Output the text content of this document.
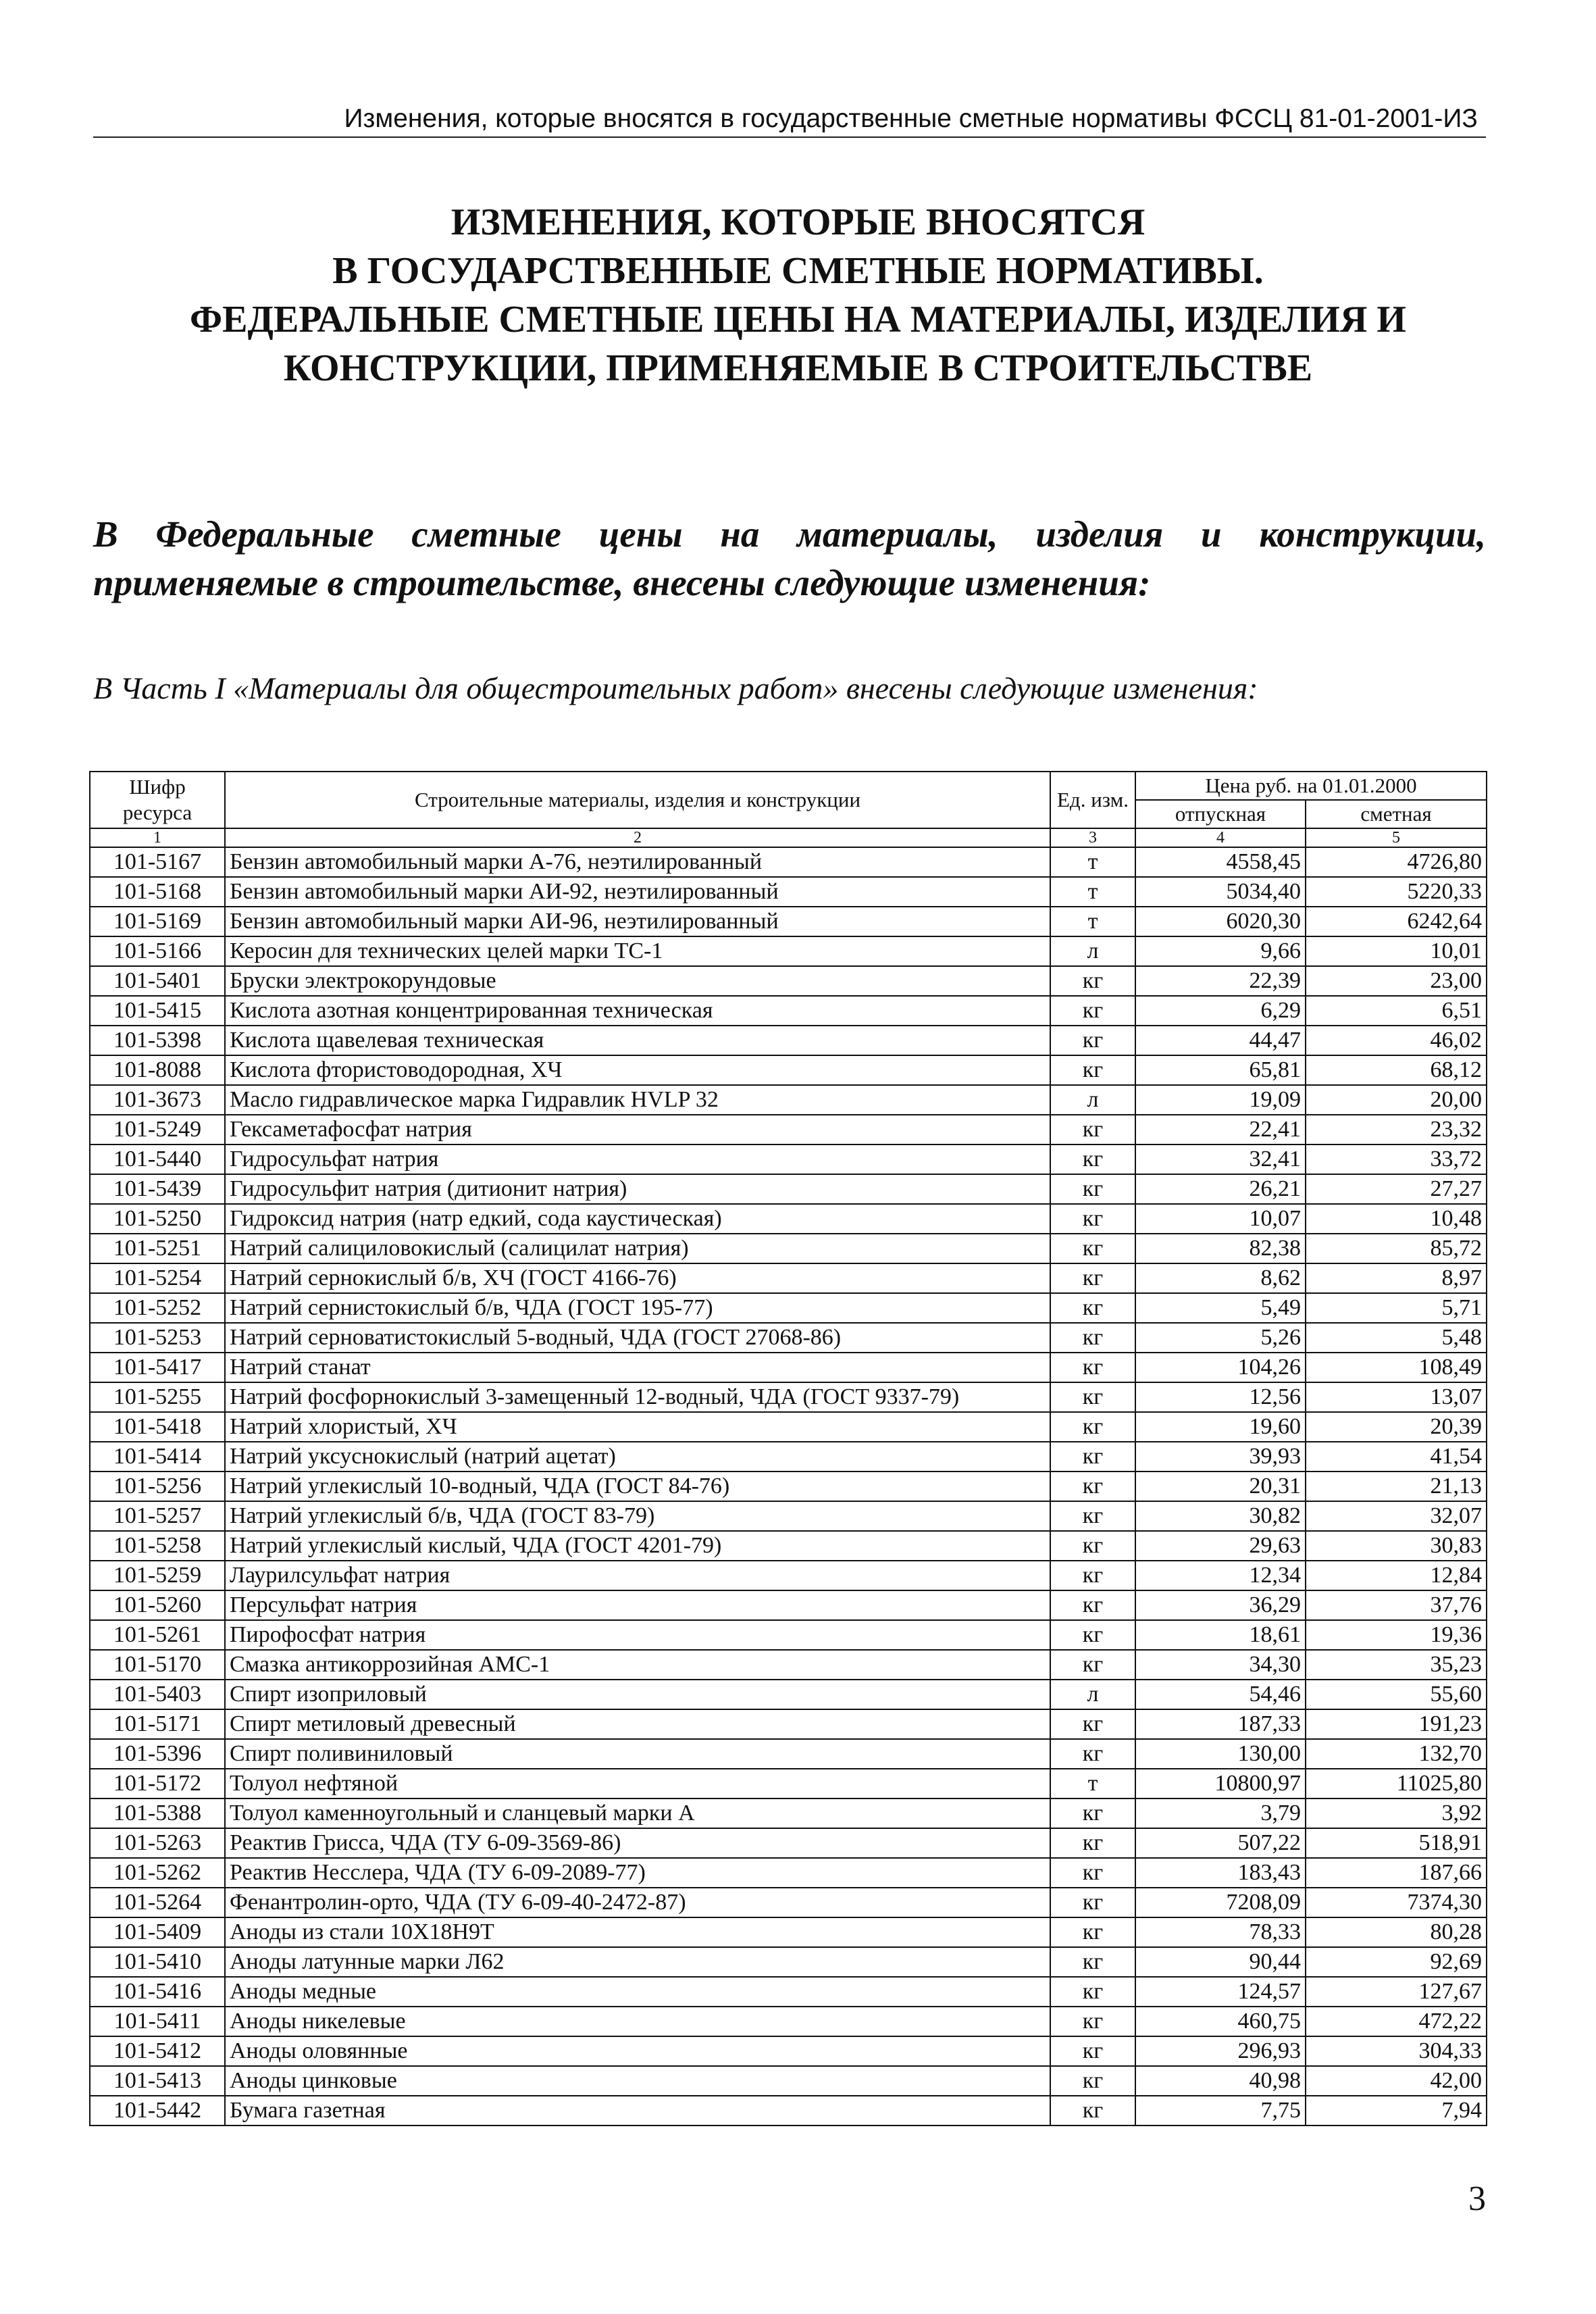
Изменения, которые вносятся в государственные сметные нормативы ФССЦ 81-01-2001-ИЗ
ИЗМЕНЕНИЯ, КОТОРЫЕ ВНОСЯТСЯ
В ГОСУДАРСТВЕННЫЕ СМЕТНЫЕ НОРМАТИВЫ.
ФЕДЕРАЛЬНЫЕ СМЕТНЫЕ ЦЕНЫ НА МАТЕРИАЛЫ, ИЗДЕЛИЯ И
КОНСТРУКЦИИ, ПРИМЕНЯЕМЫЕ В СТРОИТЕЛЬСТВЕ
В Федеральные сметные цены на материалы, изделия и конструкции,
применяемые в строительстве, внесены следующие изменения:
В Часть I «Материалы для общестроительных работ» внесены следующие изменения:
Шифр ресурса	Строительные материалы, изделия и конструкции	Ед. изм.	Цена руб. на 01.01.2000	
			отпускная	сметная
1	2	3	4	5
101-5167	Бензин автомобильный марки А-76, неэтилированный	т	4558,45	4726,80
101-5168	Бензин автомобильный марки АИ-92, неэтилированный	т	5034,40	5220,33
101-5169	Бензин автомобильный марки АИ-96, неэтилированный	т	6020,30	6242,64
101-5166	Керосин для технических целей марки ТС-1	л	9,66	10,01
101-5401	Бруски электрокорундовые	кг	22,39	23,00
101-5415	Кислота азотная концентрированная техническая	кг	6,29	6,51
101-5398	Кислота щавелевая техническая	кг	44,47	46,02
101-8088	Кислота фтористоводородная, ХЧ	кг	65,81	68,12
101-3673	Масло гидравлическое марка Гидравлик HVLP 32	л	19,09	20,00
101-5249	Гексаметафосфат натрия	кг	22,41	23,32
101-5440	Гидросульфат натрия	кг	32,41	33,72
101-5439	Гидросульфит натрия (дитионит натрия)	кг	26,21	27,27
101-5250	Гидроксид натрия (натр едкий, сода каустическая)	кг	10,07	10,48
101-5251	Натрий салициловокислый (салицилат натрия)	кг	82,38	85,72
101-5254	Натрий сернокислый б/в, ХЧ (ГОСТ 4166-76)	кг	8,62	8,97
101-5252	Натрий сернистокислый б/в, ЧДА (ГОСТ 195-77)	кг	5,49	5,71
101-5253	Натрий серноватистокислый 5-водный, ЧДА (ГОСТ 27068-86)	кг	5,26	5,48
101-5417	Натрий станат	кг	104,26	108,49
101-5255	Натрий фосфорнокислый 3-замещенный 12-водный, ЧДА (ГОСТ 9337-79)	кг	12,56	13,07
101-5418	Натрий хлористый, ХЧ	кг	19,60	20,39
101-5414	Натрий уксуснокислый (натрий ацетат)	кг	39,93	41,54
101-5256	Натрий углекислый 10-водный, ЧДА (ГОСТ 84-76)	кг	20,31	21,13
101-5257	Натрий углекислый б/в, ЧДА (ГОСТ 83-79)	кг	30,82	32,07
101-5258	Натрий углекислый кислый, ЧДА (ГОСТ 4201-79)	кг	29,63	30,83
101-5259	Лаурилсульфат натрия	кг	12,34	12,84
101-5260	Персульфат натрия	кг	36,29	37,76
101-5261	Пирофосфат натрия	кг	18,61	19,36
101-5170	Смазка антикоррозийная АМС-1	кг	34,30	35,23
101-5403	Спирт изоприловый	л	54,46	55,60
101-5171	Спирт метиловый древесный	кг	187,33	191,23
101-5396	Спирт поливиниловый	кг	130,00	132,70
101-5172	Толуол нефтяной	т	10800,97	11025,80
101-5388	Толуол каменноугольный и сланцевый марки А	кг	3,79	3,92
101-5263	Реактив Грисса, ЧДА (ТУ 6-09-3569-86)	кг	507,22	518,91
101-5262	Реактив Несслера, ЧДА (ТУ 6-09-2089-77)	кг	183,43	187,66
101-5264	Фенантролин-орто, ЧДА (ТУ 6-09-40-2472-87)	кг	7208,09	7374,30
101-5409	Аноды из стали 10Х18Н9Т	кг	78,33	80,28
101-5410	Аноды латунные марки Л62	кг	90,44	92,69
101-5416	Аноды медные	кг	124,57	127,67
101-5411	Аноды никелевые	кг	460,75	472,22
101-5412	Аноды оловянные	кг	296,93	304,33
101-5413	Аноды цинковые	кг	40,98	42,00
101-5442	Бумага газетная	кг	7,75	7,94
3
